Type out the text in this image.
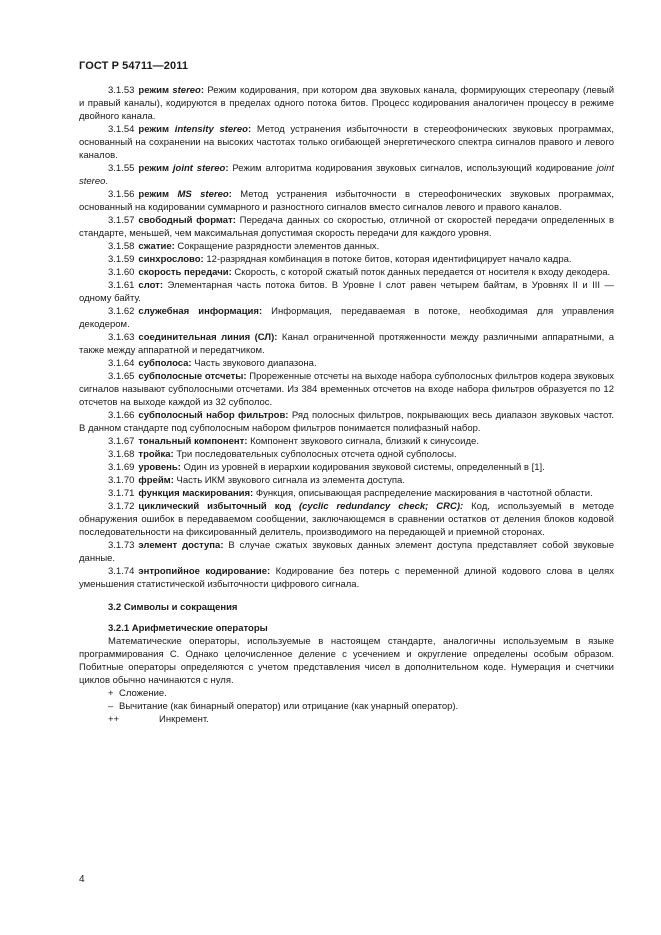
ГОСТ Р 54711—2011

3.1.53 режим stereo: Режим кодирования, при котором два звуковых канала, формирующих стереопару (левый и правый каналы), кодируются в пределах одного потока битов. Процесс кодирования аналогичен процессу в режиме двойного канала.

3.1.54 режим intensity stereo: Метод устранения избыточности в стереофонических звуковых программах, основанный на сохранении на высоких частотах только огибающей энергетического спектра сигналов правого и левого каналов.

3.1.55 режим joint stereo: Режим алгоритма кодирования звуковых сигналов, использующий кодирование joint stereo.

3.1.56 режим MS stereo: Метод устранения избыточности в стереофонических звуковых программах, основанный на кодировании суммарного и разностного сигналов вместо сигналов левого и правого каналов.

3.1.57 свободный формат: Передача данных со скоростью, отличной от скоростей передачи определенных в стандарте, меньшей, чем максимальная допустимая скорость передачи для каждого уровня.

3.1.58 сжатие: Сокращение разрядности элементов данных.

3.1.59 синхрослово: 12-разрядная комбинация в потоке битов, которая идентифицирует начало кадра.

3.1.60 скорость передачи: Скорость, с которой сжатый поток данных передается от носителя к входу декодера.

3.1.61 слот: Элементарная часть потока битов. В Уровне I слот равен четырем байтам, в Уровнях II и III — одному байту.

3.1.62 служебная информация: Информация, передаваемая в потоке, необходимая для управления декодером.

3.1.63 соединительная линия (СЛ): Канал ограниченной протяженности между различными аппаратными, а также между аппаратной и передатчиком.

3.1.64 субполоса: Часть звукового диапазона.

3.1.65 субполосные отсчеты: Прореженные отсчеты на выходе набора субполосных фильтров кодера звуковых сигналов называют субполосными отсчетами. Из 384 временных отсчетов на входе набора фильтров образуется по 12 отсчетов на выходе каждой из 32 субполос.

3.1.66 субполосный набор фильтров: Ряд полосных фильтров, покрывающих весь диапазон звуковых частот. В данном стандарте под субполосным набором фильтров понимается полифазный набор.

3.1.67 тональный компонент: Компонент звукового сигнала, близкий к синусоиде.

3.1.68 тройка: Три последовательных субполосных отсчета одной субполосы.

3.1.69 уровень: Один из уровней в иерархии кодирования звуковой системы, определенный в [1].

3.1.70 фрейм: Часть ИКМ звукового сигнала из элемента доступа.

3.1.71 функция маскирования: Функция, описывающая распределение маскирования в частотной области.

3.1.72 циклический избыточный код (cyclic redundancy check; CRC): Код, используемый в методе обнаружения ошибок в передаваемом сообщении, заключающемся в сравнении остатков от деления блоков кодовой последовательности на фиксированный делитель, производимого на передающей и приемной сторонах.

3.1.73 элемент доступа: В случае сжатых звуковых данных элемент доступа представляет собой звуковые данные.

3.1.74 энтропийное кодирование: Кодирование без потерь с переменной длиной кодового слова в целях уменьшения статистической избыточности цифрового сигнала.

3.2 Символы и сокращения

3.2.1 Арифметические операторы

Математические операторы, используемые в настоящем стандарте, аналогичны используемым в языке программирования С. Однако целочисленное деление с усечением и округление определены особым образом. Побитные операторы определяются с учетом представления чисел в дополнительном коде. Нумерация и счетчики циклов обычно начинаются с нуля.

+ Сложение.

– Вычитание (как бинарный оператор) или отрицание (как унарный оператор).

++	Инкремент.

4
